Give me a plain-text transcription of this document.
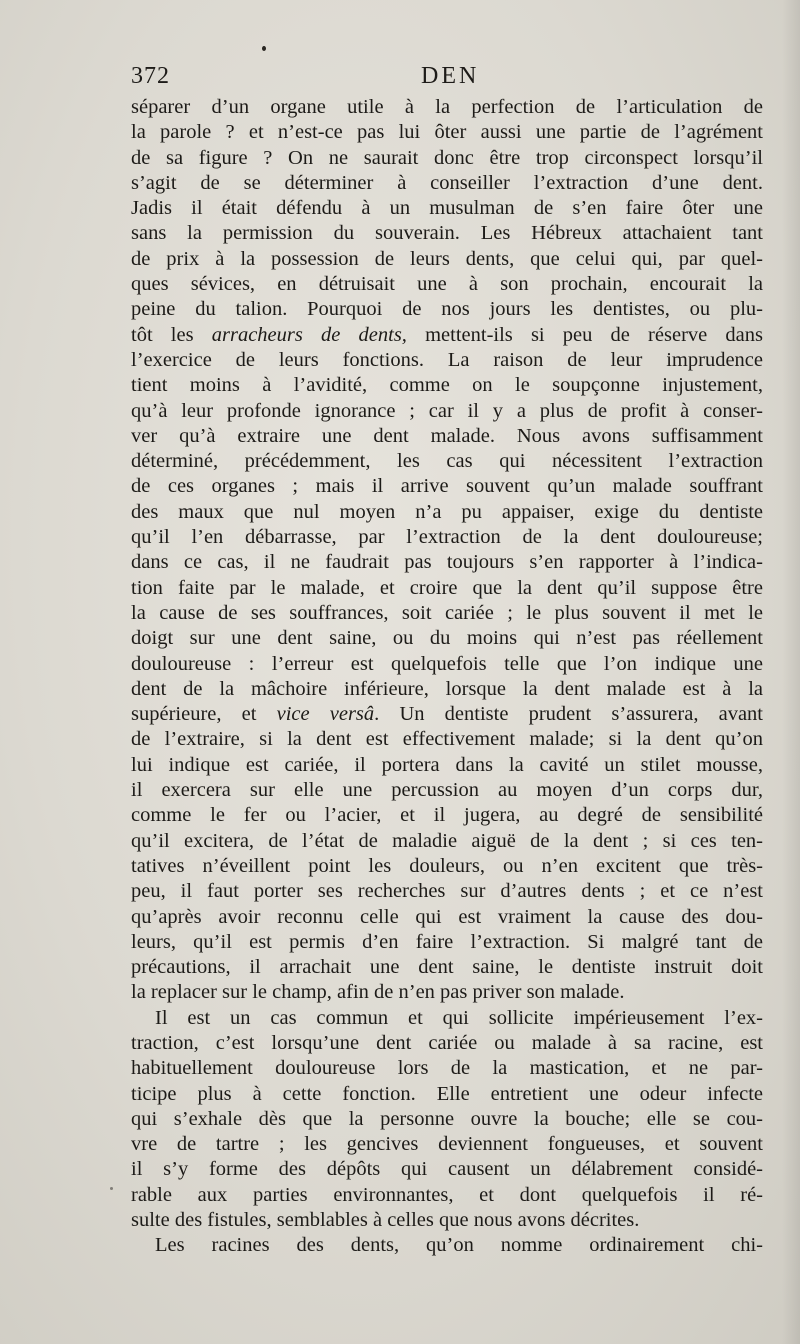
372	DEN
séparer d’un organe utile à la perfection de l’articulation de
la parole ? et n’est-ce pas lui ôter aussi une partie de l’agrément
de sa figure ? On ne saurait donc être trop circonspect lorsqu’il
s’agit de se déterminer à conseiller l’extraction d’une dent.
Jadis il était défendu à un musulman de s’en faire ôter une
sans la permission du souverain. Les Hébreux attachaient tant
de prix à la possession de leurs dents, que celui qui, par quel-
ques sévices, en détruisait une à son prochain, encourait la
peine du talion. Pourquoi de nos jours les dentistes, ou plu-
tôt les arracheurs de dents, mettent-ils si peu de réserve dans
l’exercice de leurs fonctions. La raison de leur imprudence
tient moins à l’avidité, comme on le soupçonne injustement,
qu’à leur profonde ignorance ; car il y a plus de profit à conser-
ver qu’à extraire une dent malade. Nous avons suffisamment
déterminé, précédemment, les cas qui nécessitent l’extraction
de ces organes ; mais il arrive souvent qu’un malade souffrant
des maux que nul moyen n’a pu appaiser, exige du dentiste
qu’il l’en débarrasse, par l’extraction de la dent douloureuse;
dans ce cas, il ne faudrait pas toujours s’en rapporter à l’indica-
tion faite par le malade, et croire que la dent qu’il suppose être
la cause de ses souffrances, soit cariée ; le plus souvent il met le
doigt sur une dent saine, ou du moins qui n’est pas réellement
douloureuse : l’erreur est quelquefois telle que l’on indique une
dent de la mâchoire inférieure, lorsque la dent malade est à la
supérieure, et vice versâ. Un dentiste prudent s’assurera, avant
de l’extraire, si la dent est effectivement malade; si la dent qu’on
lui indique est cariée, il portera dans la cavité un stilet mousse,
il exercera sur elle une percussion au moyen d’un corps dur,
comme le fer ou l’acier, et il jugera, au degré de sensibilité
qu’il excitera, de l’état de maladie aiguë de la dent ; si ces ten-
tatives n’éveillent point les douleurs, ou n’en excitent que très-
peu, il faut porter ses recherches sur d’autres dents ; et ce n’est
qu’après avoir reconnu celle qui est vraiment la cause des dou-
leurs, qu’il est permis d’en faire l’extraction. Si malgré tant de
précautions, il arrachait une dent saine, le dentiste instruit doit
la replacer sur le champ, afin de n’en pas priver son malade.
Il est un cas commun et qui sollicite impérieusement l’ex-
traction, c’est lorsqu’une dent cariée ou malade à sa racine, est
habituellement douloureuse lors de la mastication, et ne par-
ticipe plus à cette fonction. Elle entretient une odeur infecte
qui s’exhale dès que la personne ouvre la bouche; elle se cou-
vre de tartre ; les gencives deviennent fongueuses, et souvent
il s’y forme des dépôts qui causent un délabrement considé-
rable aux parties environnantes, et dont quelquefois il ré-
sulte des fistules, semblables à celles que nous avons décrites.
Les racines des dents, qu’on nomme ordinairement chi-
